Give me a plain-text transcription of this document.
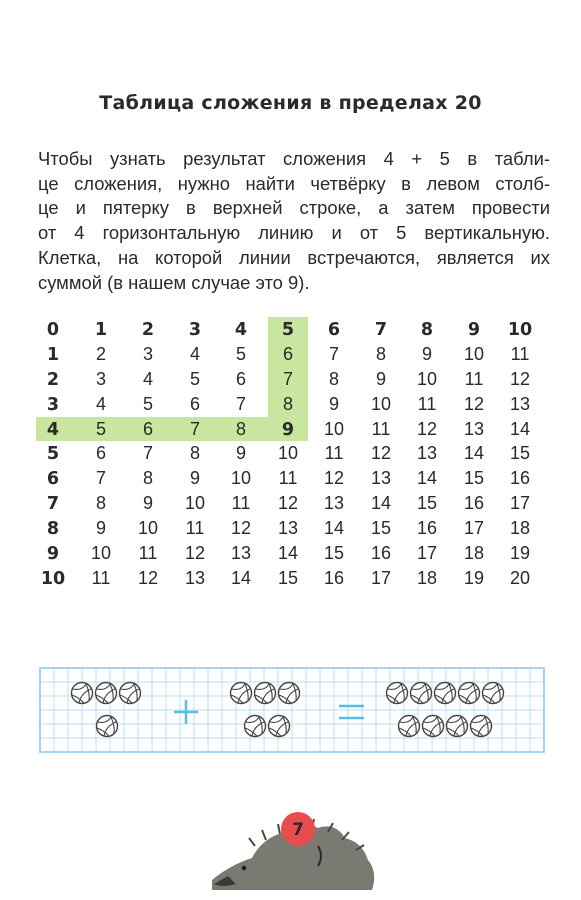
Таблица сложения в пределах 20
Чтобы узнать результат сложения 4 + 5 в табли-
це сложения, нужно найти четвёрку в левом столб-
це и пятерку в верхней строке, а затем провести
от 4 горизонтальную линию и от 5 вертикальную.
Клетка, на которой линии встречаются, является их
суммой (в нашем случае это 9).
0 1 2 3 4 5 6 7 8 9 10
1 2 3 4 5 6 7 8 9 10 11
2 3 4 5 6 7 8 9 10 11 12
3 4 5 6 7 8 9 10 11 12 13
4 5 6 7 8 9 10 11 12 13 14
5 6 7 8 9 10 11 12 13 14 15
6 7 8 9 10 11 12 13 14 15 16
7 8 9 10 11 12 13 14 15 16 17
8 9 10 11 12 13 14 15 16 17 18
9 10 11 12 13 14 15 16 17 18 19
10 11 12 13 14 15 16 17 18 19 20
7
